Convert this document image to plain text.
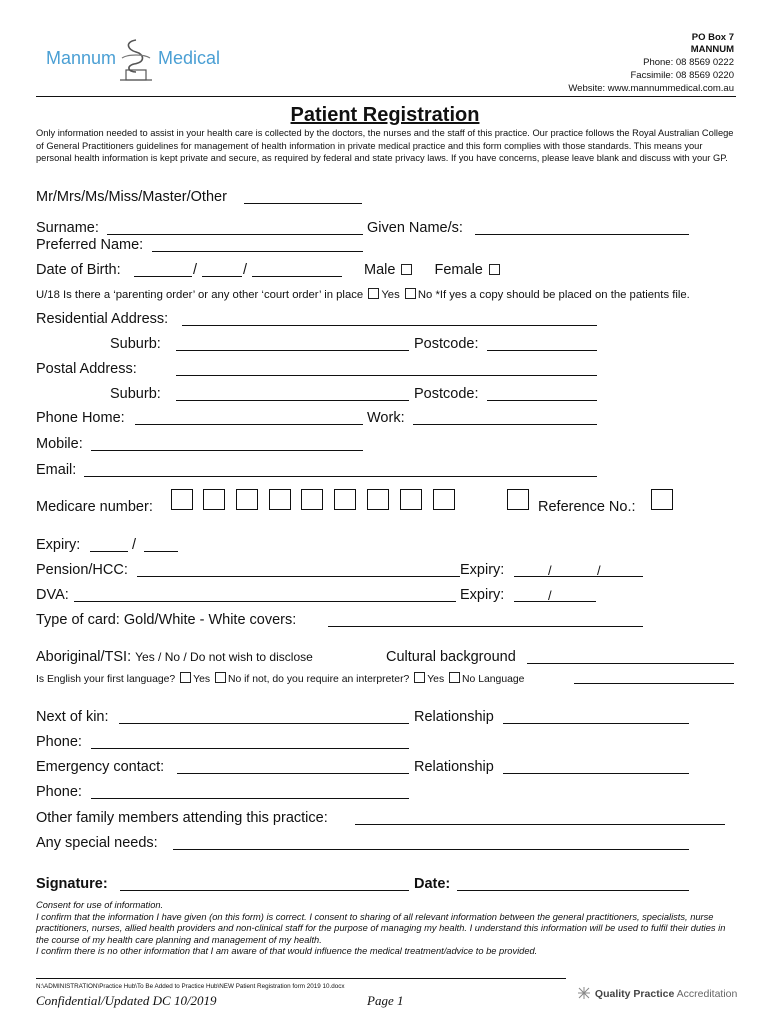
Mannum Medical
PO Box 7
MANNUM
Phone: 08 8569 0222
Facsimile: 08 8569 0220
Website: www.mannummedical.com.au
Patient Registration
Only information needed to assist in your health care is collected by the doctors, the nurses and the staff of this practice. Our practice follows the Royal Australian College of General Practitioners guidelines for management of health information in private medical practice and this form complies with those standards. This means your personal health information is kept private and secure, as required by federal and state privacy laws. If you have concerns, please leave blank and discuss with your GP.
Mr/Mrs/Ms/Miss/Master/Other
Surname:	Given Name/s:
Preferred Name:
Date of Birth:	/	/	Male	Female
U/18 Is there a ‘parenting order’ or any other ‘court order’ in place Yes No *If yes a copy should be placed on the patients file.
Residential Address:
Suburb:	Postcode:
Postal Address:
Suburb:	Postcode:
Phone Home:	Work:
Mobile:
Email:
Medicare number:	Reference No.:
Expiry:	/
Pension/HCC:	Expiry:	/	/
DVA:	Expiry:	/
Type of card: Gold/White - White covers:
Aboriginal/TSI: Yes / No / Do not wish to disclose	Cultural background
Is English your first language? Yes No if not, do you require an interpreter? Yes No Language
Next of kin:	Relationship
Phone:
Emergency contact:	Relationship
Phone:
Other family members attending this practice:
Any special needs:
Signature:	Date:
Consent for use of information.
I confirm that the information I have given (on this form) is correct. I consent to sharing of all relevant information between the general practitioners, specialists, nurse practitioners, nurses, allied health providers and non-clinical staff for the purpose of managing my health. I understand this information will be used to fulfil their duties in the course of my health care planning and management of my health.
I confirm there is no other information that I am aware of that would influence the medical treatment/advice to be provided.
N:\ADMINISTRATION\Practice Hub\To Be Added to Practice Hub\NEW Patient Registration form 2019 10.docx
Confidential/Updated DC 10/2019	Page 1	Quality Practice Accreditation
